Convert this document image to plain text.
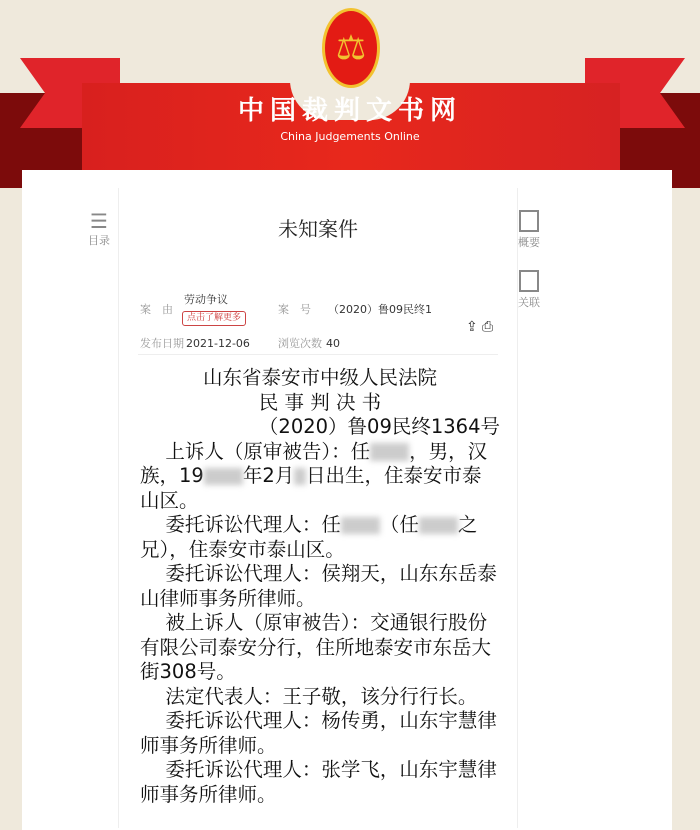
⚖
中国裁判文书网
China Judgements Online
☰
目录	概要
关联
未知案件
案　由
劳动争议
点击了解更多
案　号 （2020）鲁09民终1
⇪ ⎙
发布日期 2021-12-06	浏览次数 40
山东省泰安市中级人民法院
民 事 判 决 书
（2020）鲁09民终1364号
上诉人（原审被告）：任 ，男，汉族，19 年2月 日出生，住泰安市泰山区。
委托诉讼代理人：任 （任 之兄），住泰安市泰山区。
委托诉讼代理人：侯翔天，山东东岳泰山律师事务所律师。
被上诉人（原审被告）：交通银行股份有限公司泰安分行，住所地泰安市东岳大街308号。
法定代表人：王子敬，该分行行长。
委托诉讼代理人：杨传勇，山东宇慧律师事务所律师。
委托诉讼代理人：张学飞，山东宇慧律师事务所律师。
